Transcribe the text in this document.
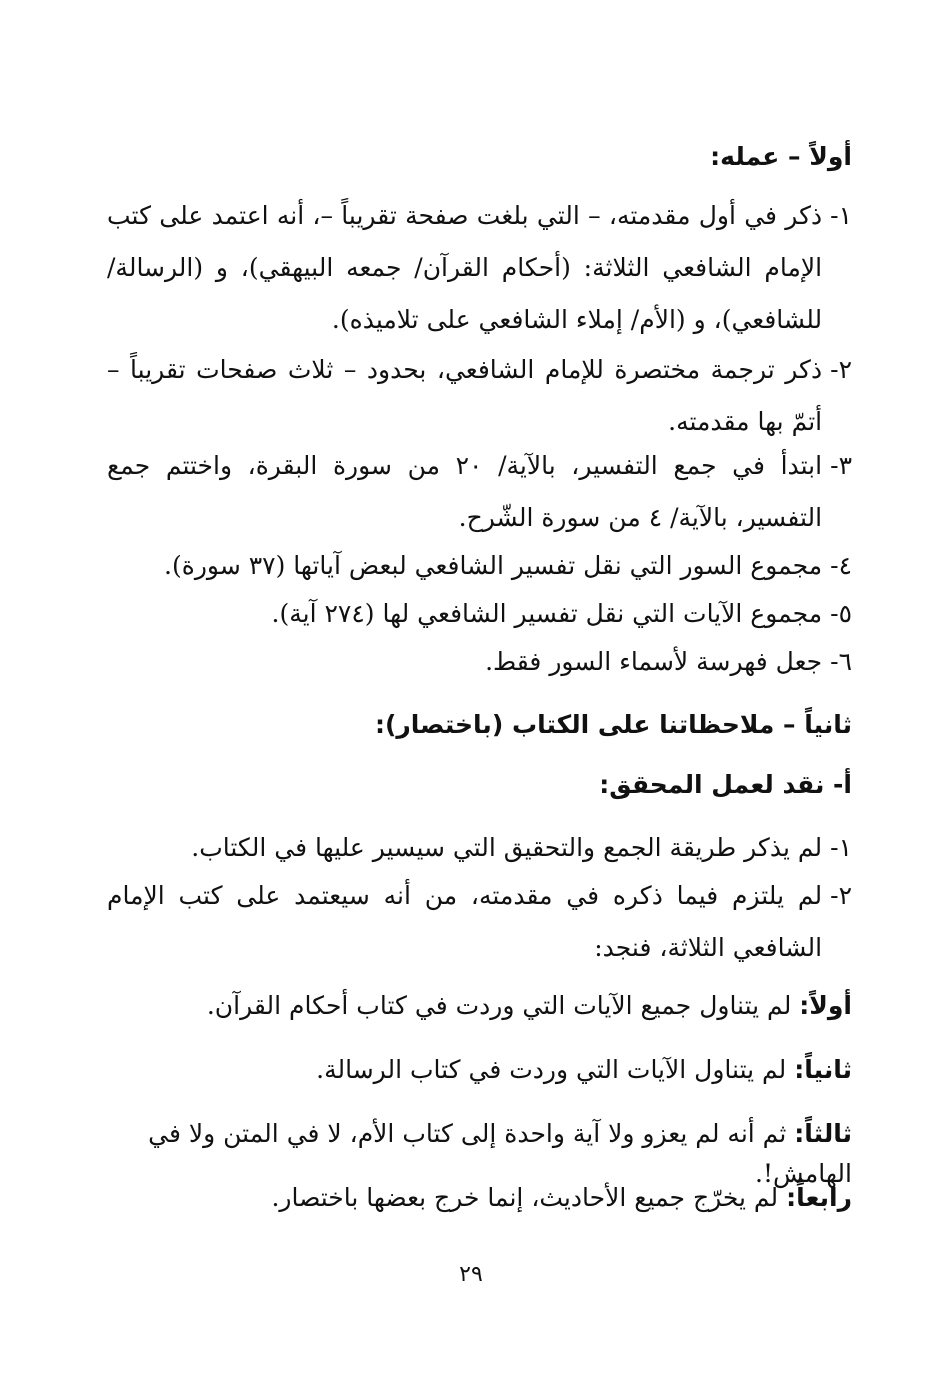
أولاً – عمله:
١-
ذكر في أول مقدمته، – التي بلغت صفحة تقريباً –، أنه اعتمد على كتب الإمام الشافعي الثلاثة: (أحكام القرآن/ جمعه البيهقي)، و (الرسالة/ للشافعي)، و (الأم/ إملاء الشافعي على تلاميذه).
٢-
ذكر ترجمة مختصرة للإمام الشافعي، بحدود – ثلاث صفحات تقريباً – أتمّ بها مقدمته.
٣-
ابتدأ في جمع التفسير، بالآية/ ٢٠ من سورة البقرة، واختتم جمع التفسير، بالآية/ ٤ من سورة الشّرح.
٤-
مجموع السور التي نقل تفسير الشافعي لبعض آياتها (٣٧ سورة).
٥-
مجموع الآيات التي نقل تفسير الشافعي لها (٢٧٤ آية).
٦-
جعل فهرسة لأسماء السور فقط.
ثانياً – ملاحظاتنا على الكتاب (باختصار):
أ- نقد لعمل المحقق:
١-
لم يذكر طريقة الجمع والتحقيق التي سيسير عليها في الكتاب.
٢-
لم يلتزم فيما ذكره في مقدمته، من أنه سيعتمد على كتب الإمام الشافعي الثلاثة، فنجد:
أولاً: لم يتناول جميع الآيات التي وردت في كتاب أحكام القرآن.
ثانياً: لم يتناول الآيات التي وردت في كتاب الرسالة.
ثالثاً: ثم أنه لم يعزو ولا آية واحدة إلى كتاب الأم، لا في المتن ولا في الهامش!.
رابعاً: لم يخرّج جميع الأحاديث، إنما خرج بعضها باختصار.
٢٩
